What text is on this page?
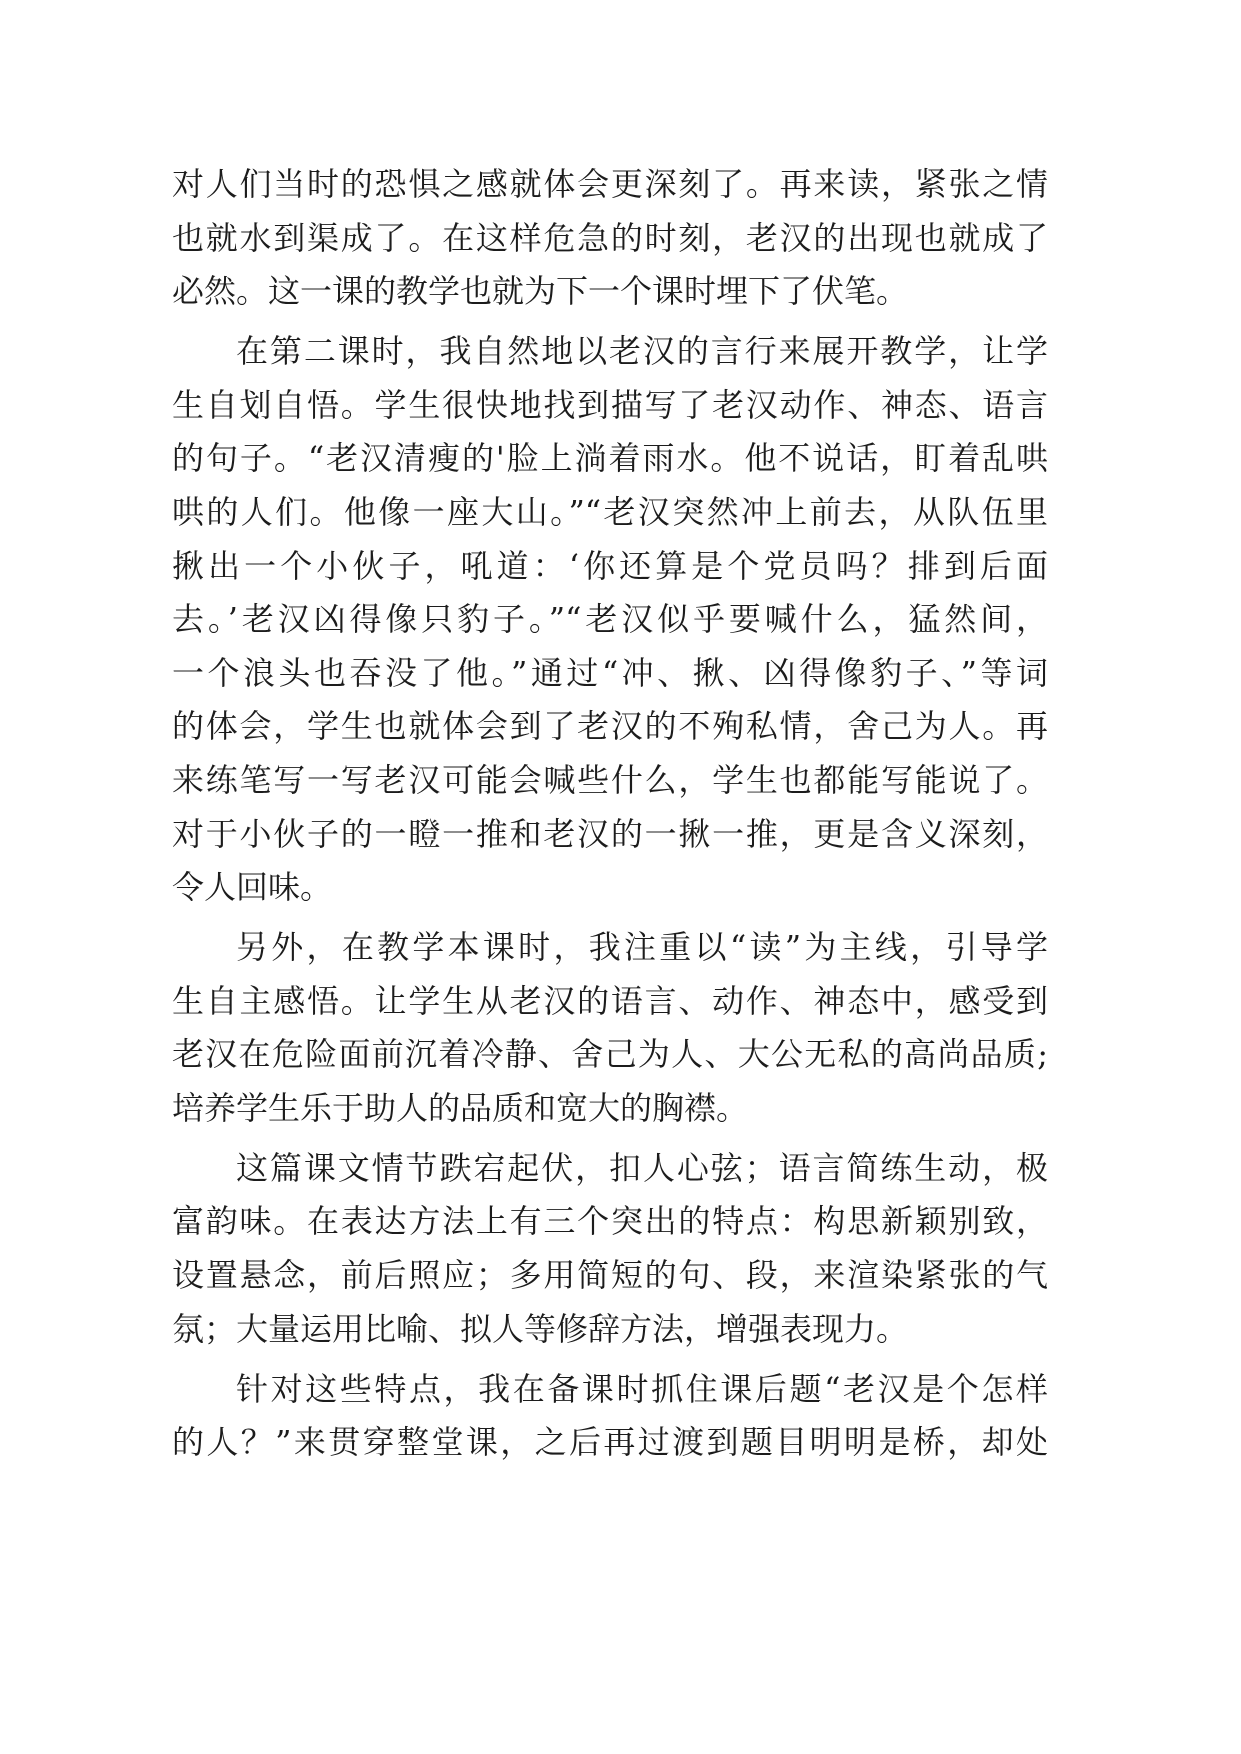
对人们当时的恐惧之感就体会更深刻了。再来读，紧张之情
也就水到渠成了。在这样危急的时刻，老汉的出现也就成了
必然。这一课的教学也就为下一个课时埋下了伏笔。
在第二课时，我自然地以老汉的言行来展开教学，让学
生自划自悟。学生很快地找到描写了老汉动作、神态、语言
的句子。“老汉清瘦的'脸上淌着雨水。他不说话，盯着乱哄
哄的人们。他像一座大山。”“老汉突然冲上前去，从队伍里
揪出一个小伙子，吼道：‘你还算是个党员吗？排到后面
去。’老汉凶得像只豹子。”“老汉似乎要喊什么，猛然间，
一个浪头也吞没了他。”通过“冲、揪、凶得像豹子、”等词
的体会，学生也就体会到了老汉的不殉私情，舍己为人。再
来练笔写一写老汉可能会喊些什么，学生也都能写能说了。
对于小伙子的一瞪一推和老汉的一揪一推，更是含义深刻，
令人回味。
另外，在教学本课时，我注重以“读”为主线，引导学
生自主感悟。让学生从老汉的语言、动作、神态中，感受到
老汉在危险面前沉着冷静、舍己为人、大公无私的高尚品质;
培养学生乐于助人的品质和宽大的胸襟。
这篇课文情节跌宕起伏，扣人心弦；语言简练生动，极
富韵味。在表达方法上有三个突出的特点：构思新颖别致，
设置悬念，前后照应；多用简短的句、段，来渲染紧张的气
氛；大量运用比喻、拟人等修辞方法，增强表现力。
针对这些特点，我在备课时抓住课后题“老汉是个怎样
的人？”来贯穿整堂课，之后再过渡到题目明明是桥，却处
